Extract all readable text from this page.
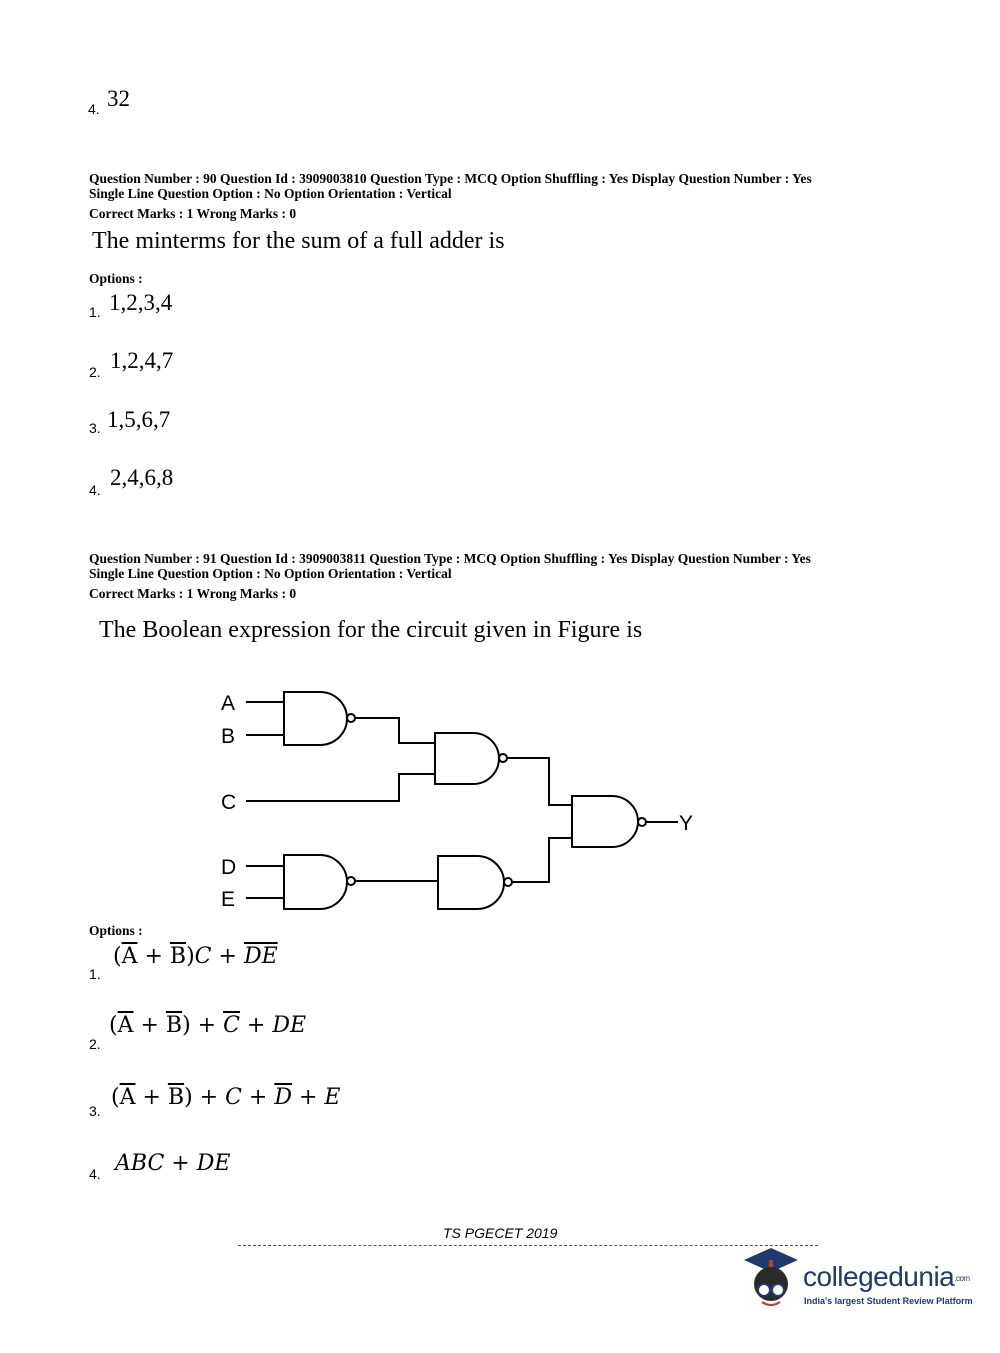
4. 32
Question Number : 90 Question Id : 3909003810 Question Type : MCQ Option Shuffling : Yes Display Question Number : Yes
Single Line Question Option : No Option Orientation : Vertical
Correct Marks : 1 Wrong Marks : 0
The minterms for the sum of a full adder is
Options :
1. 1,2,3,4
2. 1,2,4,7
3. 1,5,6,7
4. 2,4,6,8
Question Number : 91 Question Id : 3909003811 Question Type : MCQ Option Shuffling : Yes Display Question Number : Yes
Single Line Question Option : No Option Orientation : Vertical
Correct Marks : 1 Wrong Marks : 0
The Boolean expression for the circuit given in Figure is
A
B
C
D
E
Y
Options :
1.
$(\overline{A} + \overline{B})C + \overline{DE}$
2.
$(\overline{A} + \overline{B}) + \overline{C}$ + DE
3.
$(\overline{A} + \overline{B}) + C + \overline{D} + E$
4. ABC + DE
TS PGECET 2019
collegedunia.com
India's largest Student Review Platform
